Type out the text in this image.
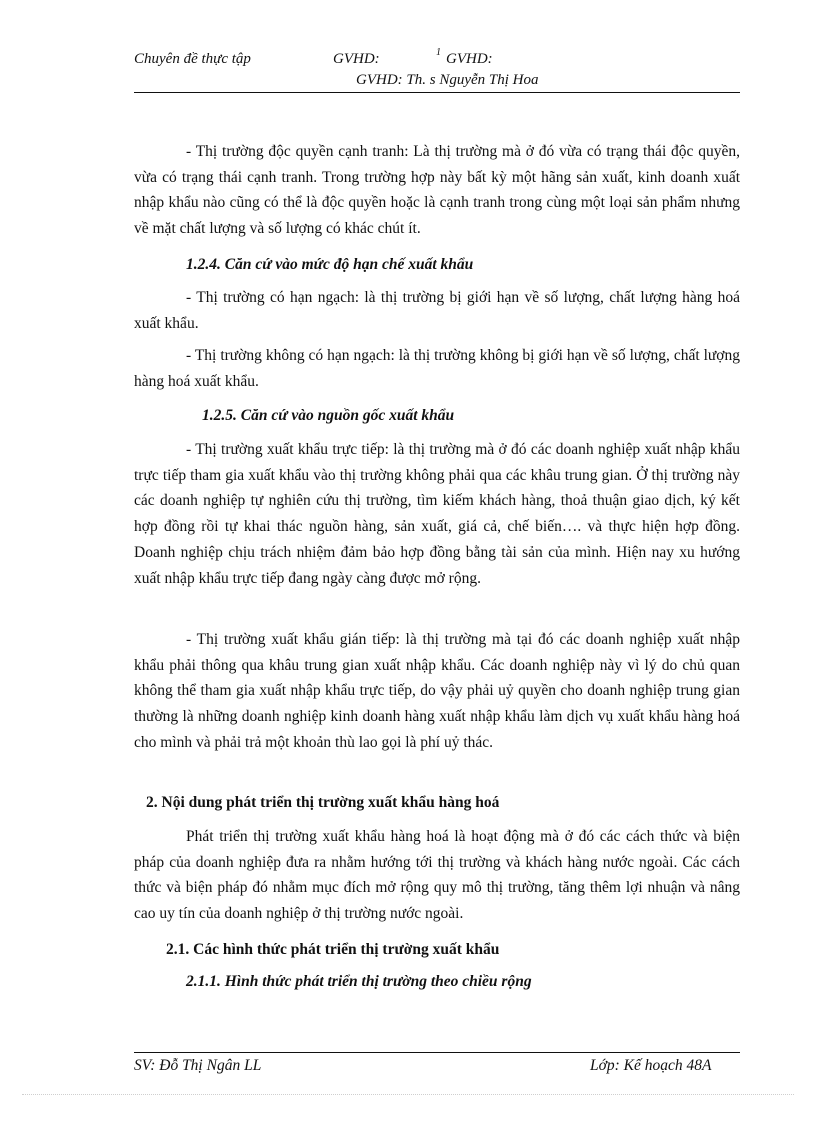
Chuyên đề thực tập	GVHD:	1 GVHD:
GVHD: Th. s Nguyễn Thị Hoa
- Thị trường độc quyền cạnh tranh: Là thị trường mà ở đó vừa có trạng thái độc quyền, vừa có trạng thái cạnh tranh. Trong trường hợp này bất kỳ một hãng sản xuất, kinh doanh xuất nhập khẩu nào cũng có thể là độc quyền hoặc là cạnh tranh trong cùng một loại sản phẩm nhưng về mặt chất lượng và số lượng có khác chút ít.
1.2.4. Căn cứ vào mức độ hạn chế xuất khẩu
- Thị trường có hạn ngạch: là thị trường bị giới hạn về số lượng, chất lượng hàng hoá xuất khẩu.
- Thị trường không có hạn ngạch: là thị trường không bị giới hạn về số lượng, chất lượng hàng hoá xuất khẩu.
1.2.5. Căn cứ vào nguồn gốc xuất khẩu
- Thị trường xuất khẩu trực tiếp: là thị trường mà ở đó các doanh nghiệp xuất nhập khẩu trực tiếp tham gia xuất khẩu vào thị trường không phải qua các khâu trung gian. Ở thị trường này các doanh nghiệp tự nghiên cứu thị trường, tìm kiếm khách hàng, thoả thuận giao dịch, ký kết hợp đồng rồi tự khai thác nguồn hàng, sản xuất, giá cả, chế biến…. và thực hiện hợp đồng. Doanh nghiệp chịu trách nhiệm đảm bảo hợp đồng bằng tài sản của mình. Hiện nay xu hướng xuất nhập khẩu trực tiếp đang ngày càng được mở rộng.
- Thị trường xuất khẩu gián tiếp: là thị trường mà tại đó các doanh nghiệp xuất nhập khẩu phải thông qua khâu trung gian xuất nhập khẩu. Các doanh nghiệp này vì lý do chủ quan không thể tham gia xuất nhập khẩu trực tiếp, do vậy phải uỷ quyền cho doanh nghiệp trung gian thường là những doanh nghiệp kinh doanh hàng xuất nhập khẩu làm dịch vụ xuất khẩu hàng hoá cho mình và phải trả một khoản thù lao gọi là phí uỷ thác.
2. Nội dung phát triển thị trường xuất khẩu hàng hoá
Phát triển thị trường xuất khẩu hàng hoá là hoạt động mà ở đó các cách thức và biện pháp của doanh nghiệp đưa ra nhằm hướng tới thị trường và khách hàng nước ngoài. Các cách thức và biện pháp đó nhằm mục đích mở rộng quy mô thị trường, tăng thêm lợi nhuận và nâng cao uy tín của doanh nghiệp ở thị trường nước ngoài.
2.1. Các hình thức phát triển thị trường xuất khẩu
2.1.1. Hình thức phát triển thị trường theo chiều rộng
SV: Đỗ Thị Ngân LL	Lớp: Kế hoạch 48A
